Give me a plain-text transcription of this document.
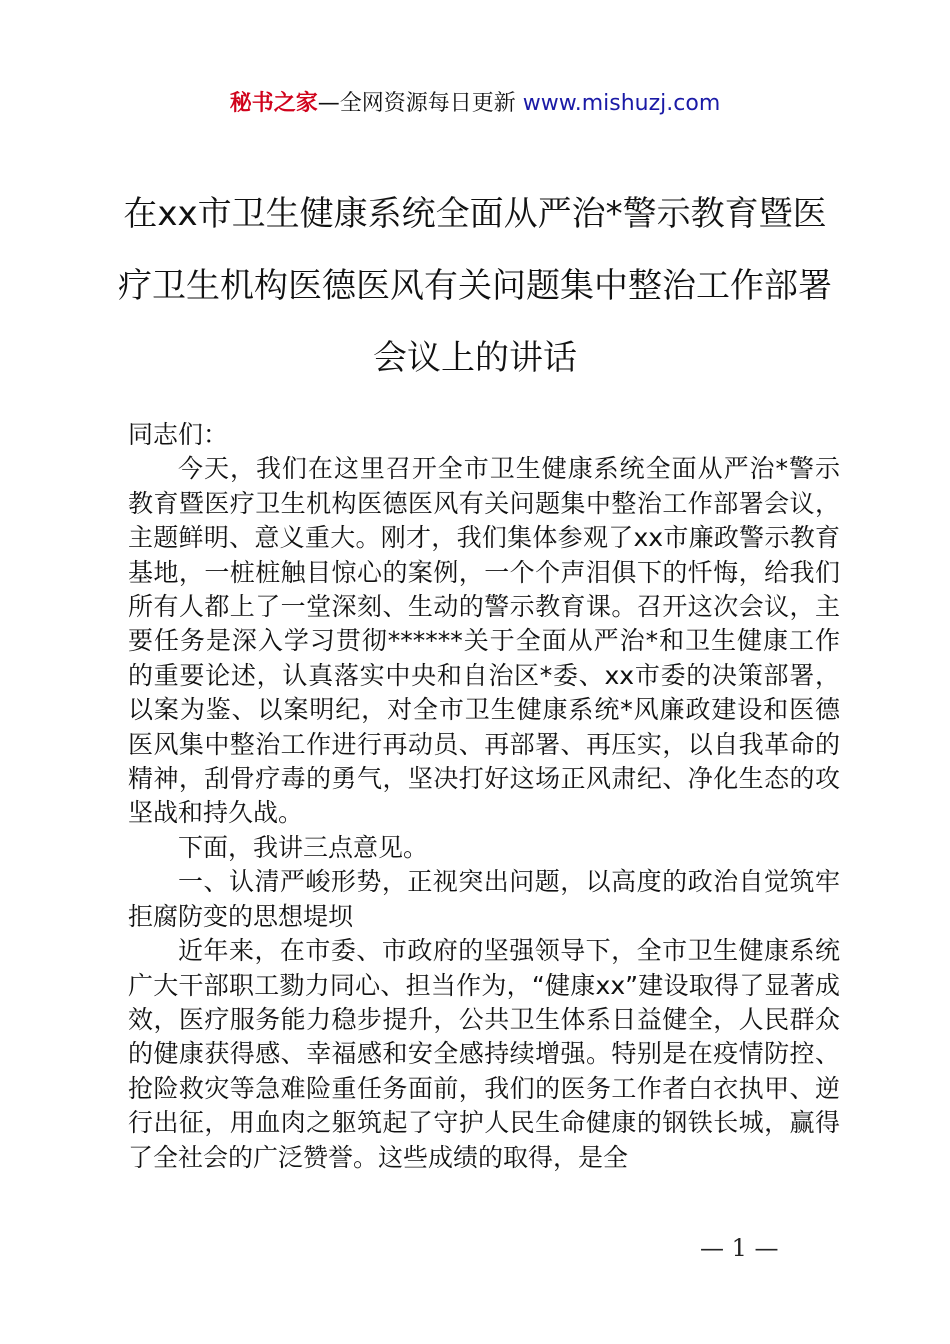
秘书之家—全网资源每日更新 www.mishuzj.com
在xx市卫生健康系统全面从严治*警示教育暨医疗卫生机构医德医风有关问题集中整治工作部署会议上的讲话

同志们：

今天，我们在这里召开全市卫生健康系统全面从严治*警示教育暨医疗卫生机构医德医风有关问题集中整治工作部署会议，主题鲜明、意义重大。刚才，我们集体参观了xx市廉政警示教育基地，一桩桩触目惊心的案例，一个个声泪俱下的忏悔，给我们所有人都上了一堂深刻、生动的警示教育课。召开这次会议，主要任务是深入学习贯彻******关于全面从严治*和卫生健康工作的重要论述，认真落实中央和自治区*委、xx市委的决策部署，以案为鉴、以案明纪，对全市卫生健康系统*风廉政建设和医德医风集中整治工作进行再动员、再部署、再压实，以自我革命的精神，刮骨疗毒的勇气，坚决打好这场正风肃纪、净化生态的攻坚战和持久战。

下面，我讲三点意见。

一、认清严峻形势，正视突出问题，以高度的政治自觉筑牢拒腐防变的思想堤坝

近年来，在市委、市政府的坚强领导下，全市卫生健康系统广大干部职工勠力同心、担当作为，“健康xx”建设取得了显著成效，医疗服务能力稳步提升，公共卫生体系日益健全，人民群众的健康获得感、幸福感和安全感持续增强。特别是在疫情防控、抢险救灾等急难险重任务面前，我们的医务工作者白衣执甲、逆行出征，用血肉之躯筑起了守护人民生命健康的钢铁长城，赢得了全社会的广泛赞誉。这些成绩的取得，是全

— 1 —
